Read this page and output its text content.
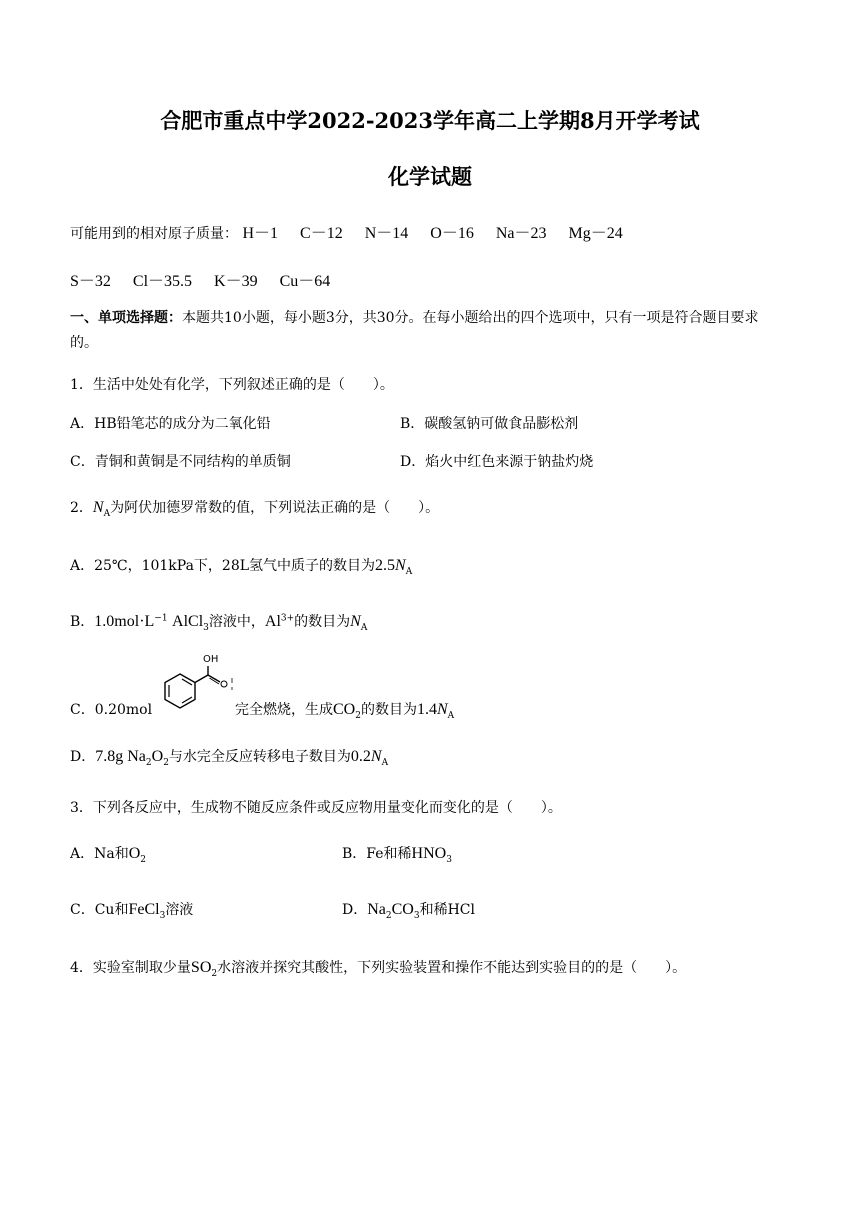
合肥市重点中学2022-2023学年高二上学期8月开学考试
化学试题
可能用到的相对原子质量： H－1 C－12 N－14 O－16 Na－23 Mg－24
S－32 Cl－35.5 K－39 Cu－64
一、单项选择题：本题共10小题，每小题3分，共30分。在每小题给出的四个选项中，只有一项是符合题目要求的。
1．生活中处处有化学，下列叙述正确的是（　　）。
A．HB铅笔芯的成分为二氧化铅	B．碳酸氢钠可做食品膨松剂
C．青铜和黄铜是不同结构的单质铜	D．焰火中红色来源于钠盐灼烧
2．$N_A$为阿伏加德罗常数的值，下列说法正确的是（　　）。
A．25℃，101kPa下，28L氢气中质子的数目为$2.5N_A$
B．$1.0mol\cdot L^{-1}$ AlCl$_3$溶液中，$Al^{3+}$的数目为$N_A$
OH
C．0.20mol	完全燃烧，生成$CO_2$的数目为$1.4N_A$
D．7.8g $Na_2O_2$与水完全反应转移电子数目为$0.2N_A$
3．下列各反应中，生成物不随反应条件或反应物用量变化而变化的是（　　）。
A．Na和$O_2$	B．Fe和稀$HNO_3$
C．Cu和FeCl$_3$溶液	D．$Na_2CO_3$和稀HCl
4．实验室制取少量$SO_2$水溶液并探究其酸性，下列实验装置和操作不能达到实验目的的是（　　）。
